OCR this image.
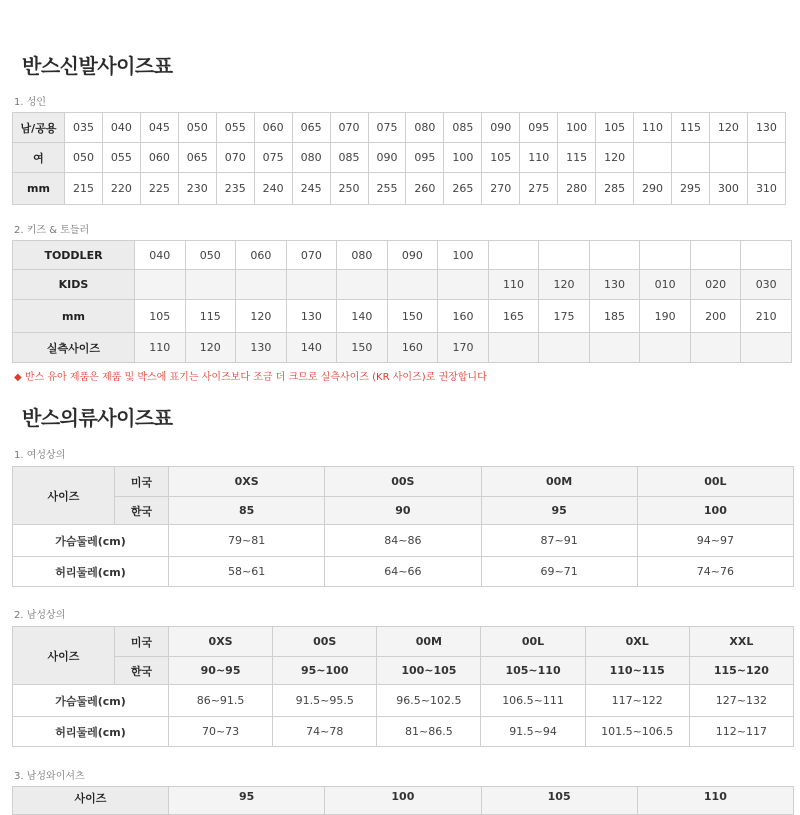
반스신발사이즈표
1. 성인
남/공용	035	040	045	050	055	060	065	070	075	080	085	090	095	100	105	110	115	120	130
여	050	055	060	065	070	075	080	085	090	095	100	105	110	115	120				
mm	215	220	225	230	235	240	245	250	255	260	265	270	275	280	285	290	295	300	310
2. 키즈 & 토들러
TODDLER	040	050	060	070	080	090	100						
KIDS								110	120	130	010	020	030
mm	105	115	120	130	140	150	160	165	175	185	190	200	210
실측사이즈	110	120	130	140	150	160	170						
◆ 반스 유아 제품은 제품 및 박스에 표기는 사이즈보다 조금 더 크므로 실측사이즈 (KR 사이즈)로 권장합니다
반스의류사이즈표
1. 여성상의
사이즈	미국	0XS	00S	00M	00L
	한국	85	90	95	100
가슴둘레(cm)		79~81	84~86	87~91	94~97
허리둘레(cm)		58~61	64~66	69~71	74~76
2. 남성상의
사이즈	미국	0XS	00S	00M	00L	0XL	XXL
	한국	90~95	95~100	100~105	105~110	110~115	115~120
가슴둘레(cm)		86~91.5	91.5~95.5	96.5~102.5	106.5~111	117~122	127~132
허리둘레(cm)		70~73	74~78	81~86.5	91.5~94	101.5~106.5	112~117
3. 남성와이셔츠
사이즈	95	100	105	110
